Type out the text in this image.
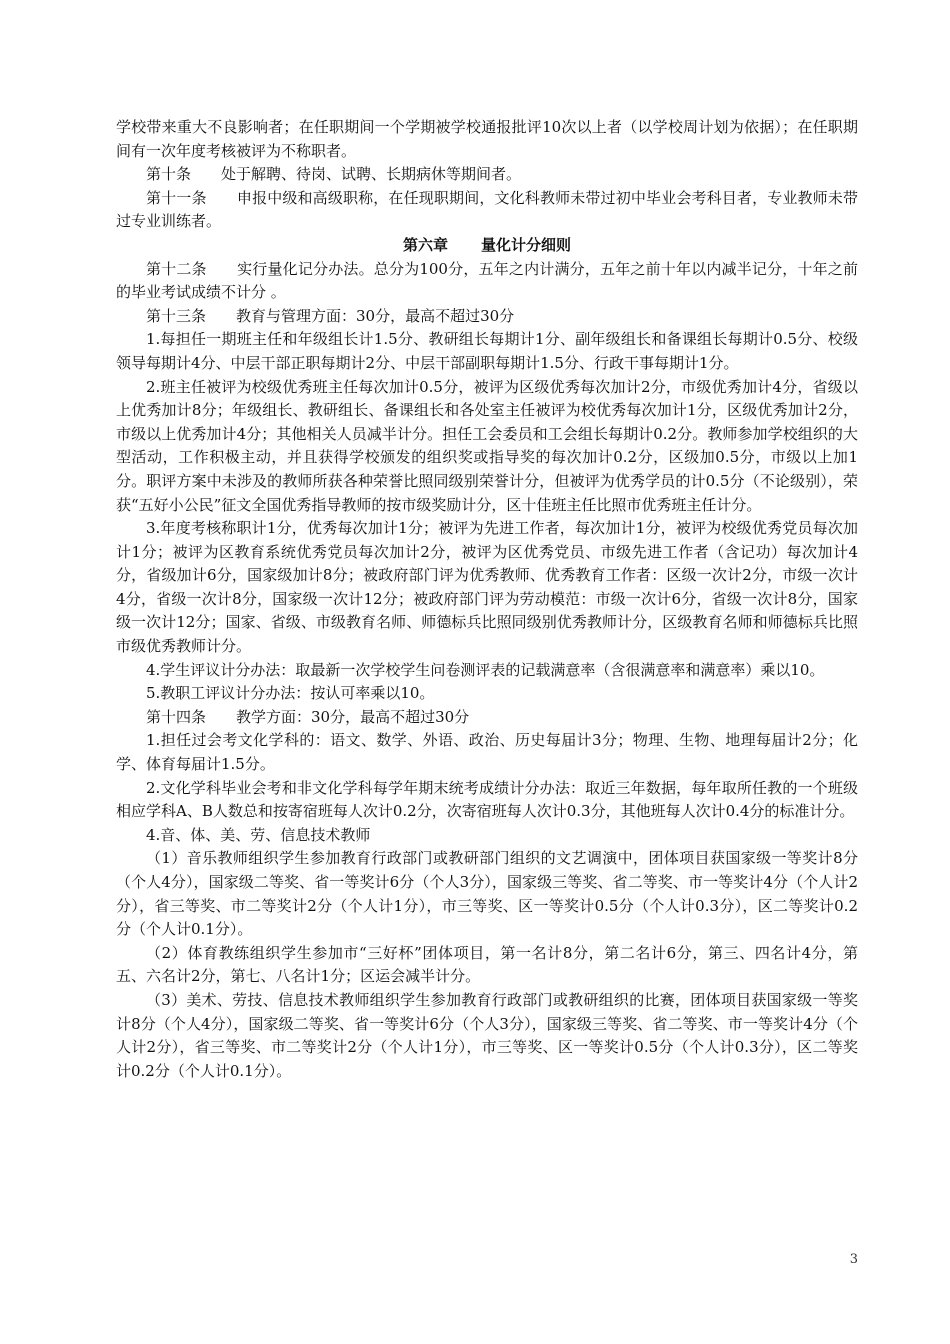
学校带来重大不良影响者；在任职期间一个学期被学校通报批评10次以上者（以学校周计划为依据）；在任职期间有一次年度考核被评为不称职者。

第十条　　处于解聘、待岗、试聘、长期病休等期间者。

第十一条　　申报中级和高级职称，在任现职期间，文化科教师未带过初中毕业会考科目者，专业教师未带过专业训练者。

第六章 量化计分细则

第十二条　　实行量化记分办法。总分为100分，五年之内计满分，五年之前十年以内减半记分，十年之前的毕业考试成绩不计分 。

第十三条　　教育与管理方面：30分，最高不超过30分

1.每担任一期班主任和年级组长计1.5分、教研组长每期计1分、副年级组长和备课组长每期计0.5分、校级领导每期计4分、中层干部正职每期计2分、中层干部副职每期计1.5分、行政干事每期计1分。

2.班主任被评为校级优秀班主任每次加计0.5分，被评为区级优秀每次加计2分，市级优秀加计4分，省级以上优秀加计8分；年级组长、教研组长、备课组长和各处室主任被评为校优秀每次加计1分，区级优秀加计2分，市级以上优秀加计4分；其他相关人员减半计分。担任工会委员和工会组长每期计0.2分。教师参加学校组织的大型活动，工作积极主动，并且获得学校颁发的组织奖或指导奖的每次加计0.2分，区级加0.5分，市级以上加1分。职评方案中未涉及的教师所获各种荣誉比照同级别荣誉计分，但被评为优秀学员的计0.5分（不论级别），荣获“五好小公民”征文全国优秀指导教师的按市级奖励计分，区十佳班主任比照市优秀班主任计分。

3.年度考核称职计1分，优秀每次加计1分；被评为先进工作者，每次加计1分，被评为校级优秀党员每次加计1分；被评为区教育系统优秀党员每次加计2分，被评为区优秀党员、市级先进工作者（含记功）每次加计4分，省级加计6分，国家级加计8分；被政府部门评为优秀教师、优秀教育工作者：区级一次计2分，市级一次计4分，省级一次计8分，国家级一次计12分；被政府部门评为劳动模范：市级一次计6分，省级一次计8分，国家级一次计12分；国家、省级、市级教育名师、师德标兵比照同级别优秀教师计分，区级教育名师和师德标兵比照市级优秀教师计分。

4.学生评议计分办法：取最新一次学校学生问卷测评表的记载满意率（含很满意率和满意率）乘以10。

5.教职工评议计分办法：按认可率乘以10。

第十四条　　教学方面：30分，最高不超过30分

1.担任过会考文化学科的：语文、数学、外语、政治、历史每届计3分；物理、生物、地理每届计2分；化学、体育每届计1.5分。

2.文化学科毕业会考和非文化学科每学年期末统考成绩计分办法：取近三年数据，每年取所任教的一个班级相应学科A、B人数总和按寄宿班每人次计0.2分，次寄宿班每人次计0.3分，其他班每人次计0.4分的标准计分。

4.音、体、美、劳、信息技术教师

（1）音乐教师组织学生参加教育行政部门或教研部门组织的文艺调演中，团体项目获国家级一等奖计8分（个人4分），国家级二等奖、省一等奖计6分（个人3分），国家级三等奖、省二等奖、市一等奖计4分（个人计2分），省三等奖、市二等奖计2分（个人计1分），市三等奖、区一等奖计0.5分（个人计0.3分），区二等奖计0.2分（个人计0.1分）。

（2）体育教练组织学生参加市“三好杯”团体项目，第一名计8分，第二名计6分，第三、四名计4分，第五、六名计2分，第七、八名计1分；区运会减半计分。

（3）美术、劳技、信息技术教师组织学生参加教育行政部门或教研组织的比赛，团体项目获国家级一等奖计8分（个人4分），国家级二等奖、省一等奖计6分（个人3分），国家级三等奖、省二等奖、市一等奖计4分（个人计2分），省三等奖、市二等奖计2分（个人计1分），市三等奖、区一等奖计0.5分（个人计0.3分），区二等奖计0.2分（个人计0.1分）。

3
